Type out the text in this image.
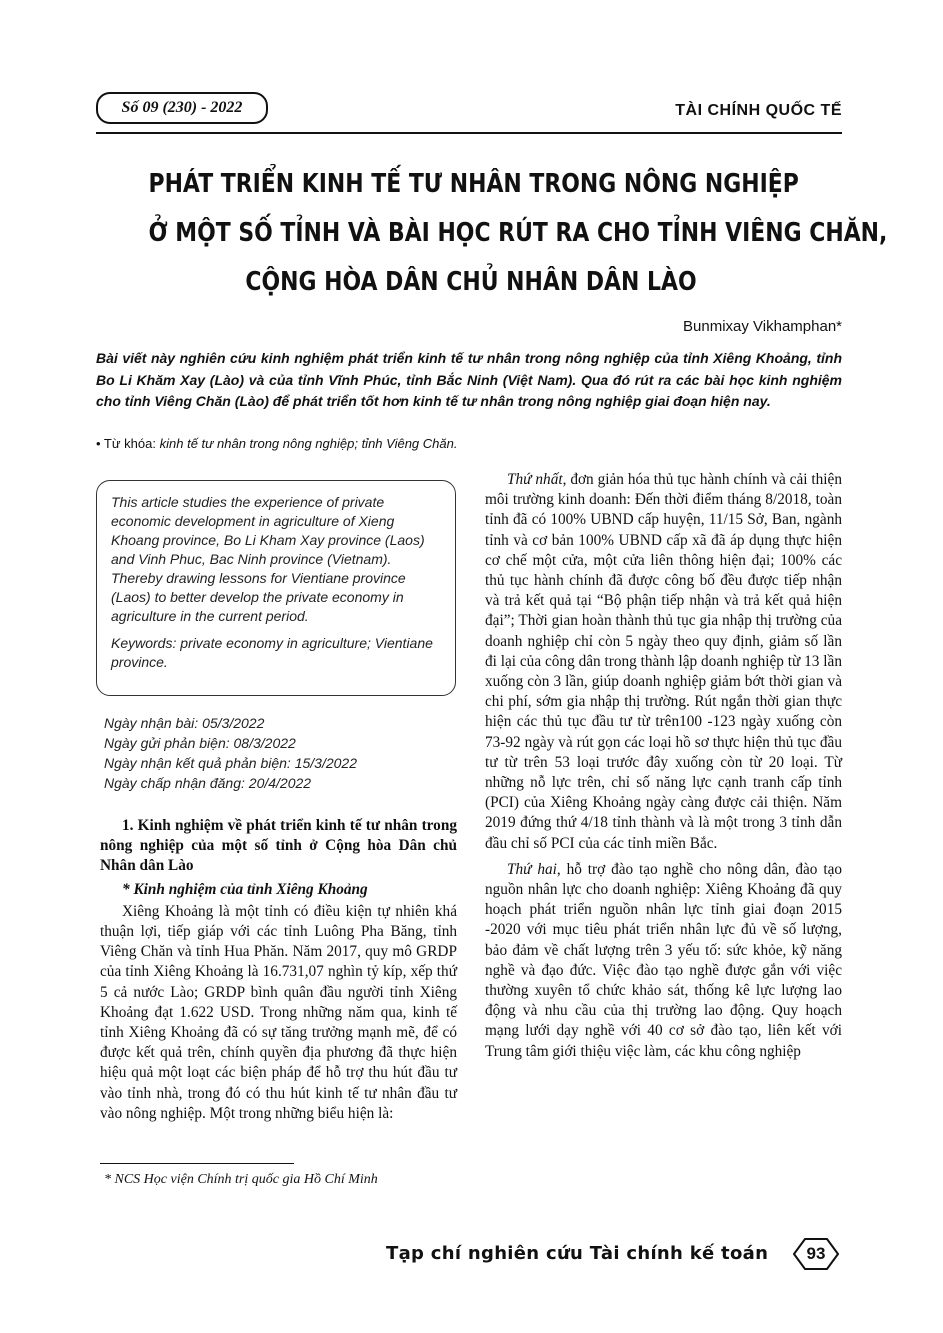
Số 09 (230) - 2022	TÀI CHÍNH QUỐC TẾ
PHÁT TRIỂN KINH TẾ TƯ NHÂN TRONG NÔNG NGHIỆP
Ở MỘT SỐ TỈNH VÀ BÀI HỌC RÚT RA CHO TỈNH VIÊNG CHĂN,
CỘNG HÒA DÂN CHỦ NHÂN DÂN LÀO
Bunmixay Vikhamphan*
Bài viết này nghiên cứu kinh nghiệm phát triển kinh tế tư nhân trong nông nghiệp của tỉnh Xiêng Khoảng, tỉnh Bo Li Khăm Xay (Lào) và của tỉnh Vĩnh Phúc, tỉnh Bắc Ninh (Việt Nam). Qua đó rút ra các bài học kinh nghiệm cho tỉnh Viêng Chăn (Lào) để phát triển tốt hơn kinh tế tư nhân trong nông nghiệp giai đoạn hiện nay.
• Từ khóa: kinh tế tư nhân trong nông nghiệp; tỉnh Viêng Chăn.

This article studies the experience of private economic development in agriculture of Xieng Khoang province, Bo Li Kham Xay province (Laos) and Vinh Phuc, Bac Ninh province (Vietnam). Thereby drawing lessons for Vientiane province (Laos) to better develop the private economy in agriculture in the current period.

Keywords: private economy in agriculture; Vientiane province.

Ngày nhận bài: 05/3/2022
Ngày gửi phản biện: 08/3/2022
Ngày nhận kết quả phản biện: 15/3/2022
Ngày chấp nhận đăng: 20/4/2022

1. Kinh nghiệm về phát triển kinh tế tư nhân trong nông nghiệp của một số tỉnh ở Cộng hòa Dân chủ Nhân dân Lào

* Kinh nghiệm của tỉnh Xiêng Khoảng

Xiêng Khoảng là một tỉnh có điều kiện tự nhiên khá thuận lợi, tiếp giáp với các tỉnh Luông Pha Băng, tỉnh Viêng Chăn và tỉnh Hua Phăn. Năm 2017, quy mô GRDP của tỉnh Xiêng Khoảng là 16.731,07 nghìn tỷ kíp, xếp thứ 5 cả nước Lào; GRDP bình quân đầu người tỉnh Xiêng Khoảng đạt 1.622 USD. Trong những năm qua, kinh tế tỉnh Xiêng Khoảng đã có sự tăng trưởng mạnh mẽ, để có được kết quả trên, chính quyền địa phương đã thực hiện hiệu quả một loạt các biện pháp để hỗ trợ thu hút đầu tư vào tỉnh nhà, trong đó có thu hút kinh tế tư nhân đầu tư vào nông nghiệp. Một trong những biểu hiện là:

Thứ nhất, đơn giản hóa thủ tục hành chính và cải thiện môi trường kinh doanh: Đến thời điểm tháng 8/2018, toàn tỉnh đã có 100% UBND cấp huyện, 11/15 Sở, Ban, ngành tỉnh và cơ bản 100% UBND cấp xã đã áp dụng thực hiện cơ chế một cửa, một cửa liên thông hiện đại; 100% các thủ tục hành chính đã được công bố đều được tiếp nhận và trả kết quả tại “Bộ phận tiếp nhận và trả kết quả hiện đại”; Thời gian hoàn thành thủ tục gia nhập thị trường của doanh nghiệp chỉ còn 5 ngày theo quy định, giảm số lần đi lại của công dân trong thành lập doanh nghiệp từ 13 lần xuống còn 3 lần, giúp doanh nghiệp giảm bớt thời gian và chi phí, sớm gia nhập thị trường. Rút ngắn thời gian thực hiện các thủ tục đầu tư từ trên100 -123 ngày xuống còn 73-92 ngày và rút gọn các loại hồ sơ thực hiện thủ tục đầu tư từ trên 53 loại trước đây xuống còn từ 20 loại. Từ những nỗ lực trên, chỉ số năng lực cạnh tranh cấp tỉnh (PCI) của Xiêng Khoảng ngày càng được cải thiện. Năm 2019 đứng thứ 4/18 tỉnh thành và là một trong 3 tỉnh dẫn đầu chỉ số PCI của các tỉnh miền Bắc.

Thứ hai, hỗ trợ đào tạo nghề cho nông dân, đào tạo nguồn nhân lực cho doanh nghiệp: Xiêng Khoảng đã quy hoạch phát triển nguồn nhân lực tỉnh giai đoạn 2015 -2020 với mục tiêu phát triển nhân lực đủ về số lượng, bảo đảm về chất lượng trên 3 yếu tố: sức khỏe, kỹ năng nghề và đạo đức. Việc đào tạo nghề được gắn với việc thường xuyên tổ chức khảo sát, thống kê lực lượng lao động và nhu cầu của thị trường lao động. Quy hoạch mạng lưới dạy nghề với 40 cơ sở đào tạo, liên kết với Trung tâm giới thiệu việc làm, các khu công nghiệp

* NCS Học viện Chính trị quốc gia Hồ Chí Minh
Tạp chí nghiên cứu Tài chính kế toán	93
